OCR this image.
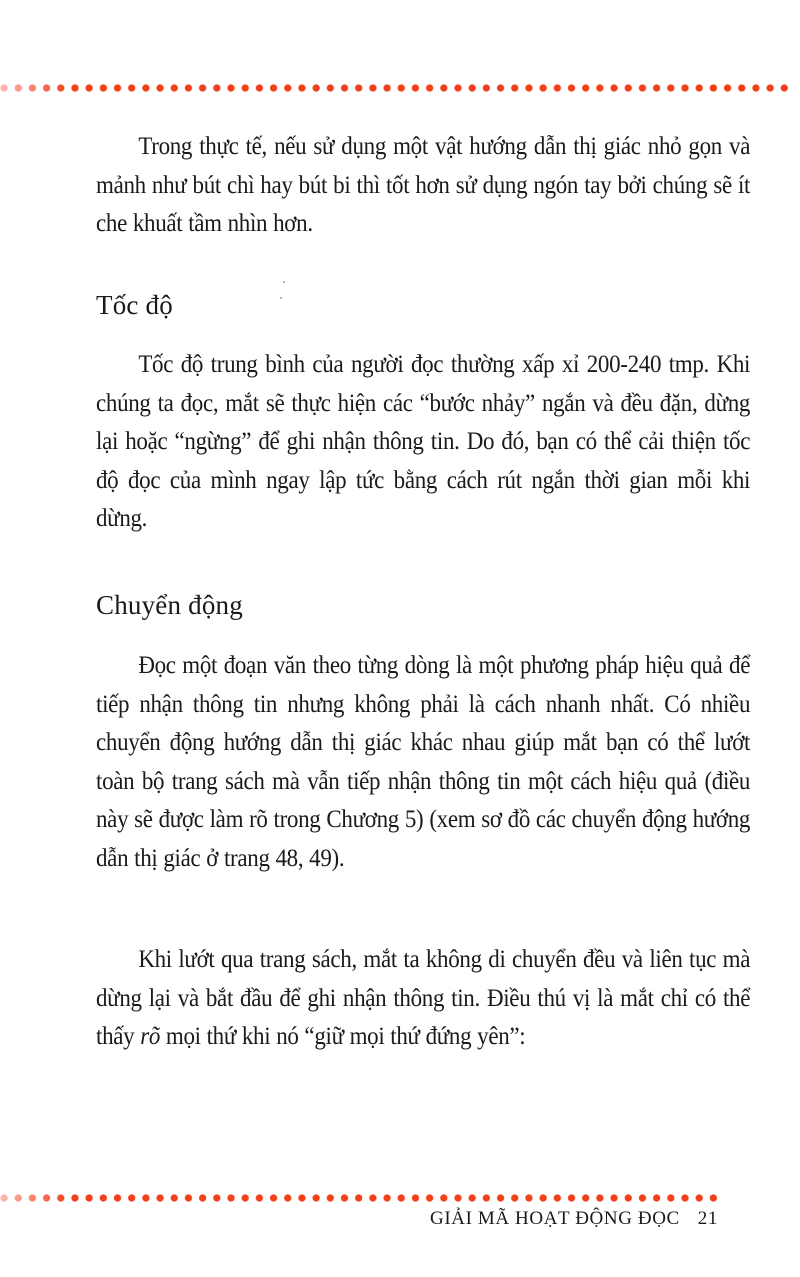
Trong thực tế, nếu sử dụng một vật hướng dẫn thị giác nhỏ gọn và mảnh như bút chì hay bút bi thì tốt hơn sử dụng ngón tay bởi chúng sẽ ít che khuất tầm nhìn hơn.

Tốc độ

Tốc độ trung bình của người đọc thường xấp xỉ 200-240 tmp. Khi chúng ta đọc, mắt sẽ thực hiện các “bước nhảy” ngắn và đều đặn, dừng lại hoặc “ngừng” để ghi nhận thông tin. Do đó, bạn có thể cải thiện tốc độ đọc của mình ngay lập tức bằng cách rút ngắn thời gian mỗi khi dừng.

Chuyển động

Đọc một đoạn văn theo từng dòng là một phương pháp hiệu quả để tiếp nhận thông tin nhưng không phải là cách nhanh nhất. Có nhiều chuyển động hướng dẫn thị giác khác nhau giúp mắt bạn có thể lướt toàn bộ trang sách mà vẫn tiếp nhận thông tin một cách hiệu quả (điều này sẽ được làm rõ trong Chương 5) (xem sơ đồ các chuyển động hướng dẫn thị giác ở trang 48, 49).

Khi lướt qua trang sách, mắt ta không di chuyển đều và liên tục mà dừng lại và bắt đầu để ghi nhận thông tin. Điều thú vị là mắt chỉ có thể thấy rõ mọi thứ khi nó “giữ mọi thứ đứng yên”:

GIẢI MÃ HOẠT ĐỘNG ĐỌC 21
